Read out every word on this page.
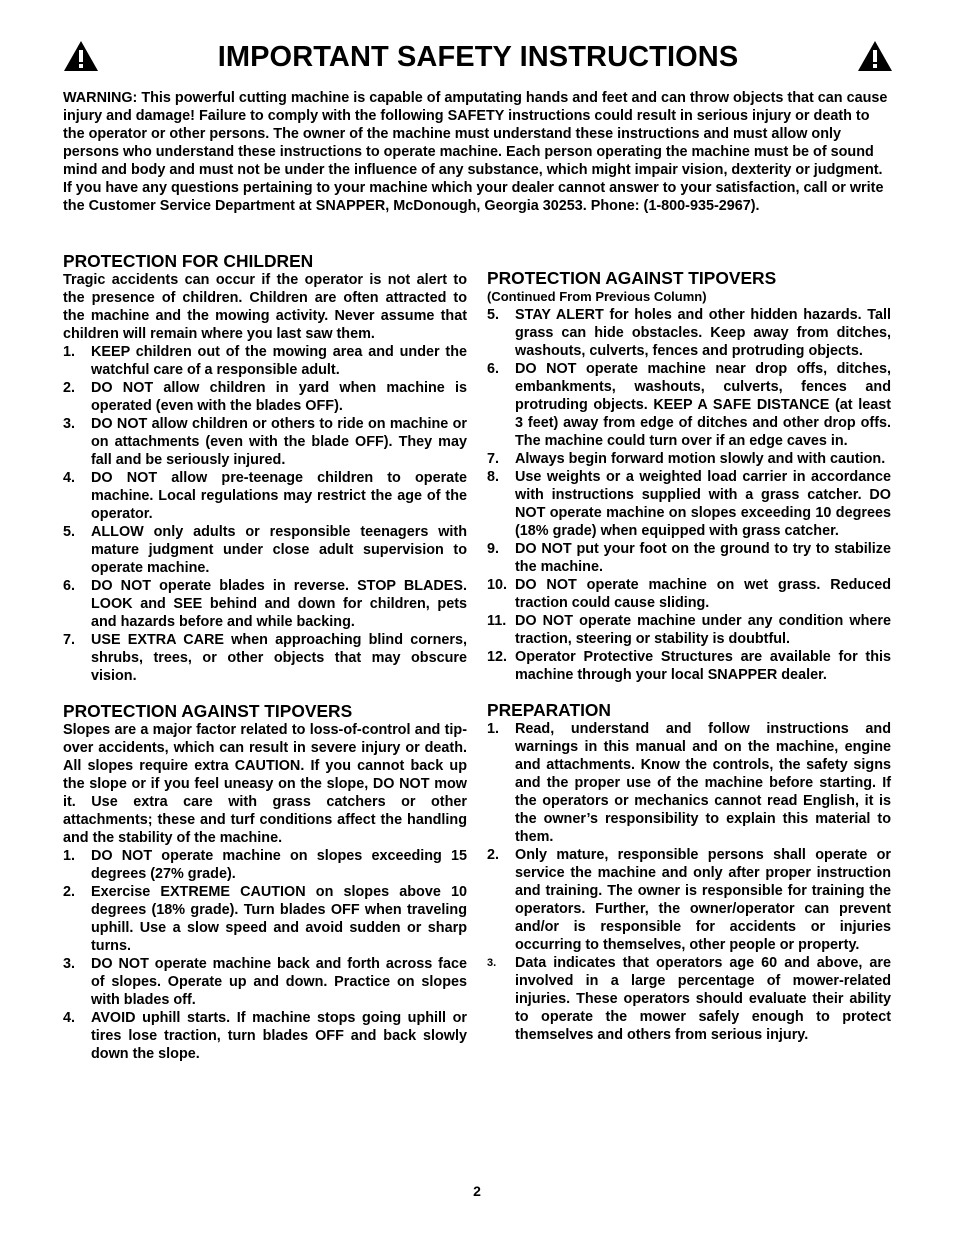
IMPORTANT SAFETY INSTRUCTIONS
WARNING: This powerful cutting machine is capable of amputating hands and feet and can throw objects that can cause injury and damage! Failure to comply with the following SAFETY instructions could result in serious injury or death to the operator or other persons. The owner of the machine must understand these instructions and must allow only persons who understand these instructions to operate machine. Each person operating the machine must be of sound mind and body and must not be under the influence of any substance, which might impair vision, dexterity or judgment. If you have any questions pertaining to your machine which your dealer cannot answer to your satisfaction, call or write the Customer Service Department at SNAPPER, McDonough, Georgia 30253. Phone: (1-800-935-2967).
PROTECTION FOR CHILDREN

Tragic accidents can occur if the operator is not alert to the presence of children. Children are often attracted to the machine and the mowing activity. Never assume that children will remain where you last saw them.

1. KEEP children out of the mowing area and under the watchful care of a responsible adult.
2. DO NOT allow children in yard when machine is operated (even with the blades OFF).
3. DO NOT allow children or others to ride on machine or on attachments (even with the blade OFF). They may fall and be seriously injured.
4. DO NOT allow pre-teenage children to operate machine. Local regulations may restrict the age of the operator.
5. ALLOW only adults or responsible teenagers with mature judgment under close adult supervision to operate machine.
6. DO NOT operate blades in reverse. STOP BLADES. LOOK and SEE behind and down for children, pets and hazards before and while backing.
7. USE EXTRA CARE when approaching blind corners, shrubs, trees, or other objects that may obscure vision.
PROTECTION AGAINST TIPOVERS

Slopes are a major factor related to loss-of-control and tip-over accidents, which can result in severe injury or death. All slopes require extra CAUTION. If you cannot back up the slope or if you feel uneasy on the slope, DO NOT mow it. Use extra care with grass catchers or other attachments; these and turf conditions affect the handling and the stability of the machine.

1. DO NOT operate machine on slopes exceeding 15 degrees (27% grade).
2. Exercise EXTREME CAUTION on slopes above 10 degrees (18% grade). Turn blades OFF when traveling uphill. Use a slow speed and avoid sudden or sharp turns.
3. DO NOT operate machine back and forth across face of slopes. Operate up and down. Practice on slopes with blades off.
4. AVOID uphill starts. If machine stops going uphill or tires lose traction, turn blades OFF and back slowly down the slope.
PROTECTION AGAINST TIPOVERS

(Continued From Previous Column)

5. STAY ALERT for holes and other hidden hazards. Tall grass can hide obstacles. Keep away from ditches, washouts, culverts, fences and protruding objects.
6. DO NOT operate machine near drop offs, ditches, embankments, washouts, culverts, fences and protruding objects. KEEP A SAFE DISTANCE (at least 3 feet) away from edge of ditches and other drop offs. The machine could turn over if an edge caves in.
7. Always begin forward motion slowly and with caution.
8. Use weights or a weighted load carrier in accordance with instructions supplied with a grass catcher. DO NOT operate machine on slopes exceeding 10 degrees (18% grade) when equipped with grass catcher.
9. DO NOT put your foot on the ground to try to stabilize the machine.
10. DO NOT operate machine on wet grass. Reduced traction could cause sliding.
11. DO NOT operate machine under any condition where traction, steering or stability is doubtful.
12. Operator Protective Structures are available for this machine through your local SNAPPER dealer.
PREPARATION
1. Read, understand and follow instructions and warnings in this manual and on the machine, engine and attachments. Know the controls, the safety signs and the proper use of the machine before starting. If the operators or mechanics cannot read English, it is the owner’s responsibility to explain this material to them.
2. Only mature, responsible persons shall operate or service the machine and only after proper instruction and training. The owner is responsible for training the operators. Further, the owner/operator can prevent and/or is responsible for accidents or injuries occurring to themselves, other people or property.
3. Data indicates that operators age 60 and above, are involved in a large percentage of mower-related injuries. These operators should evaluate their ability to operate the mower safely enough to protect themselves and others from serious injury.
2
